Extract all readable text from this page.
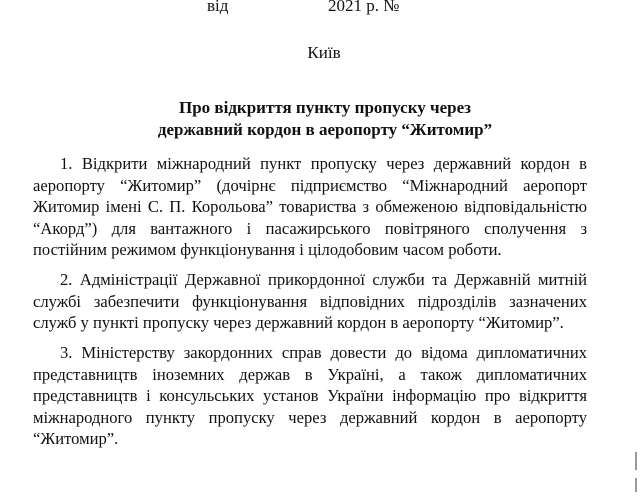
від	2021 р. №
Київ
Про відкриття пункту пропуску через
державний кордон в аеропорту “Житомир”

1. Відкрити міжнародний пункт пропуску через державний кордон в аеропорту “Житомир” (дочірнє підприємство “Міжнародний аеропорт Житомир імені С. П. Корольова” товариства з обмеженою відповідальністю “Акорд”) для вантажного і пасажирського повітряного сполучення з постійним режимом функціонування і цілодобовим часом роботи.

2. Адміністрації Державної прикордонної служби та Державній митній службі забезпечити функціонування відповідних підрозділів зазначених служб у пункті пропуску через державний кордон в аеропорту “Житомир”.

3. Міністерству закордонних справ довести до відома дипломатичних представництв іноземних держав в Україні, а також дипломатичних представництв і консульських установ України інформацію про відкриття міжнародного пункту пропуску через державний кордон в аеропорту “Житомир”.
